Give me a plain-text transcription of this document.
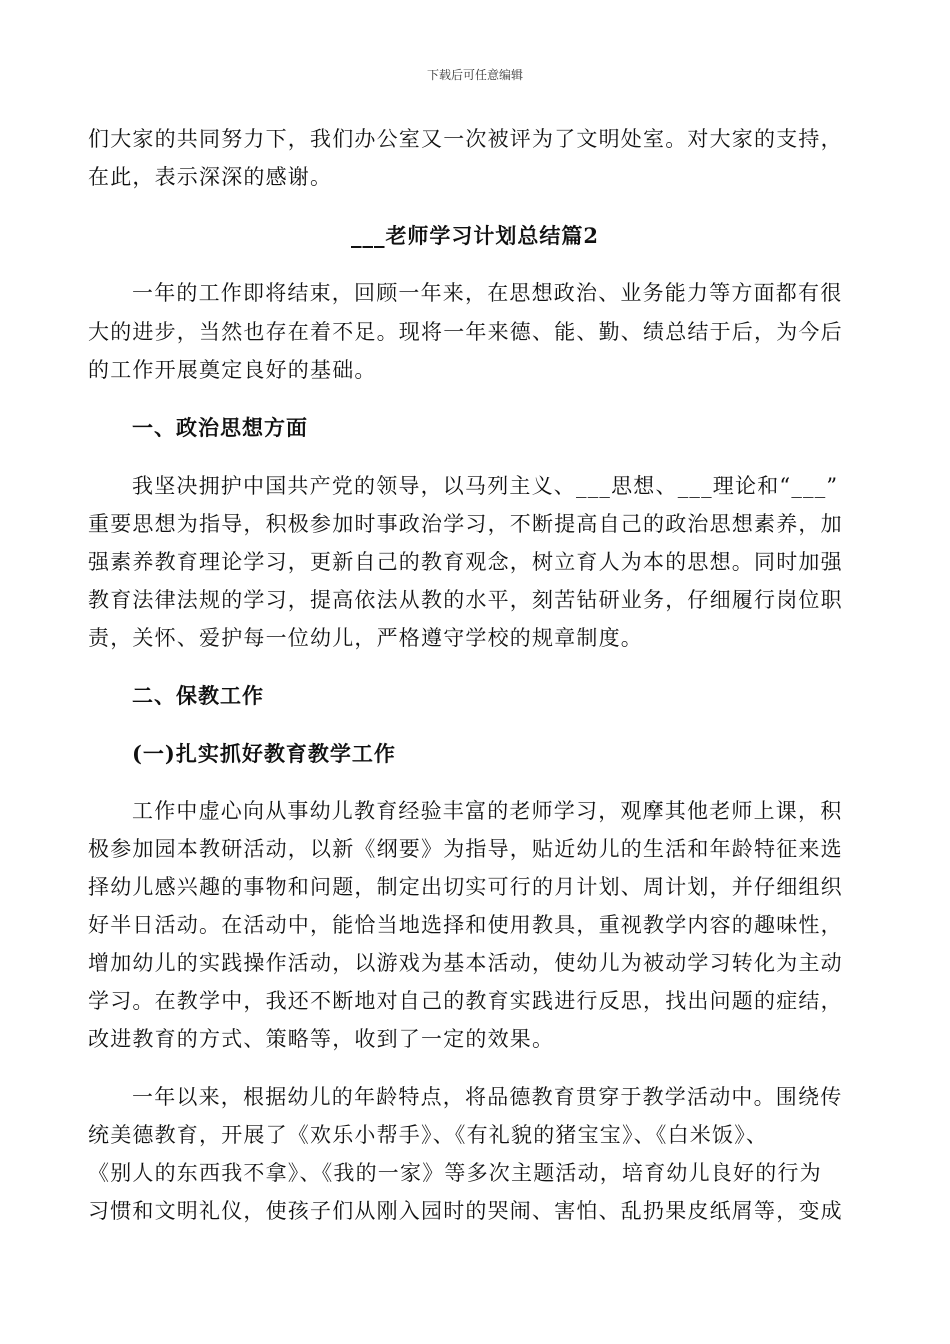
下载后可任意编辑
们大家的共同努力下，我们办公室又一次被评为了文明处室。对大家的支持，
在此，表示深深的感谢。
___老师学习计划总结篇2
一年的工作即将结束，回顾一年来，在思想政治、业务能力等方面都有很
大的进步，当然也存在着不足。现将一年来德、能、勤、绩总结于后，为今后
的工作开展奠定良好的基础。
一、政治思想方面
我坚决拥护中国共产党的领导，以马列主义、___思想、___理论和“___”
重要思想为指导，积极参加时事政治学习，不断提高自己的政治思想素养，加
强素养教育理论学习，更新自己的教育观念，树立育人为本的思想。同时加强
教育法律法规的学习，提高依法从教的水平，刻苦钻研业务，仔细履行岗位职
责，关怀、爱护每一位幼儿，严格遵守学校的规章制度。
二、保教工作
(一)扎实抓好教育教学工作
工作中虚心向从事幼儿教育经验丰富的老师学习，观摩其他老师上课，积
极参加园本教研活动，以新《纲要》为指导，贴近幼儿的生活和年龄特征来选
择幼儿感兴趣的事物和问题，制定出切实可行的月计划、周计划，并仔细组织
好半日活动。在活动中，能恰当地选择和使用教具，重视教学内容的趣味性，
增加幼儿的实践操作活动，以游戏为基本活动，使幼儿为被动学习转化为主动
学习。在教学中，我还不断地对自己的教育实践进行反思，找出问题的症结，
改进教育的方式、策略等，收到了一定的效果。
一年以来，根据幼儿的年龄特点，将品德教育贯穿于教学活动中。围绕传
统美德教育，开展了《欢乐小帮手》、《有礼貌的猪宝宝》、《白米饭》、
《别人的东西我不拿》、《我的一家》等多次主题活动，培育幼儿良好的行为
习惯和文明礼仪，使孩子们从刚入园时的哭闹、害怕、乱扔果皮纸屑等，变成
